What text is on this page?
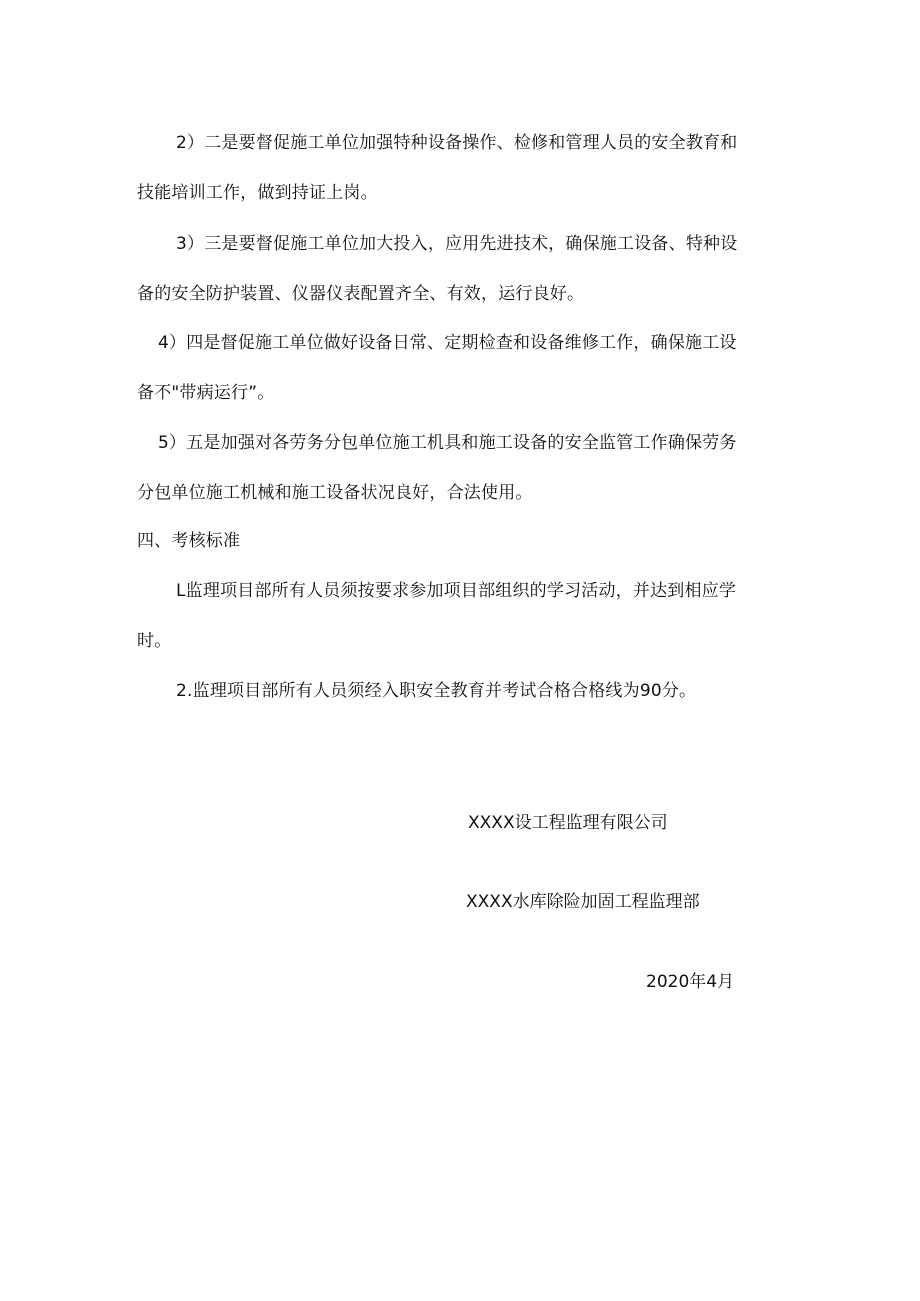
2）二是要督促施工单位加强特种设备操作、检修和管理人员的安全教育和
技能培训工作，做到持证上岗。
3）三是要督促施工单位加大投入，应用先进技术，确保施工设备、特种设
备的安全防护装置、仪器仪表配置齐全、有效，运行良好。
4）四是督促施工单位做好设备日常、定期检查和设备维修工作，确保施工设
备不"带病运行”。
5）五是加强对各劳务分包单位施工机具和施工设备的安全监管工作确保劳务
分包单位施工机械和施工设备状况良好，合法使用。
四、考核标准
L监理项目部所有人员须按要求参加项目部组织的学习活动，并达到相应学
时。
2.监理项目部所有人员须经入职安全教育并考试合格合格线为90分。
XXXX设工程监理有限公司
XXXX水库除险加固工程监理部
2020年4月
